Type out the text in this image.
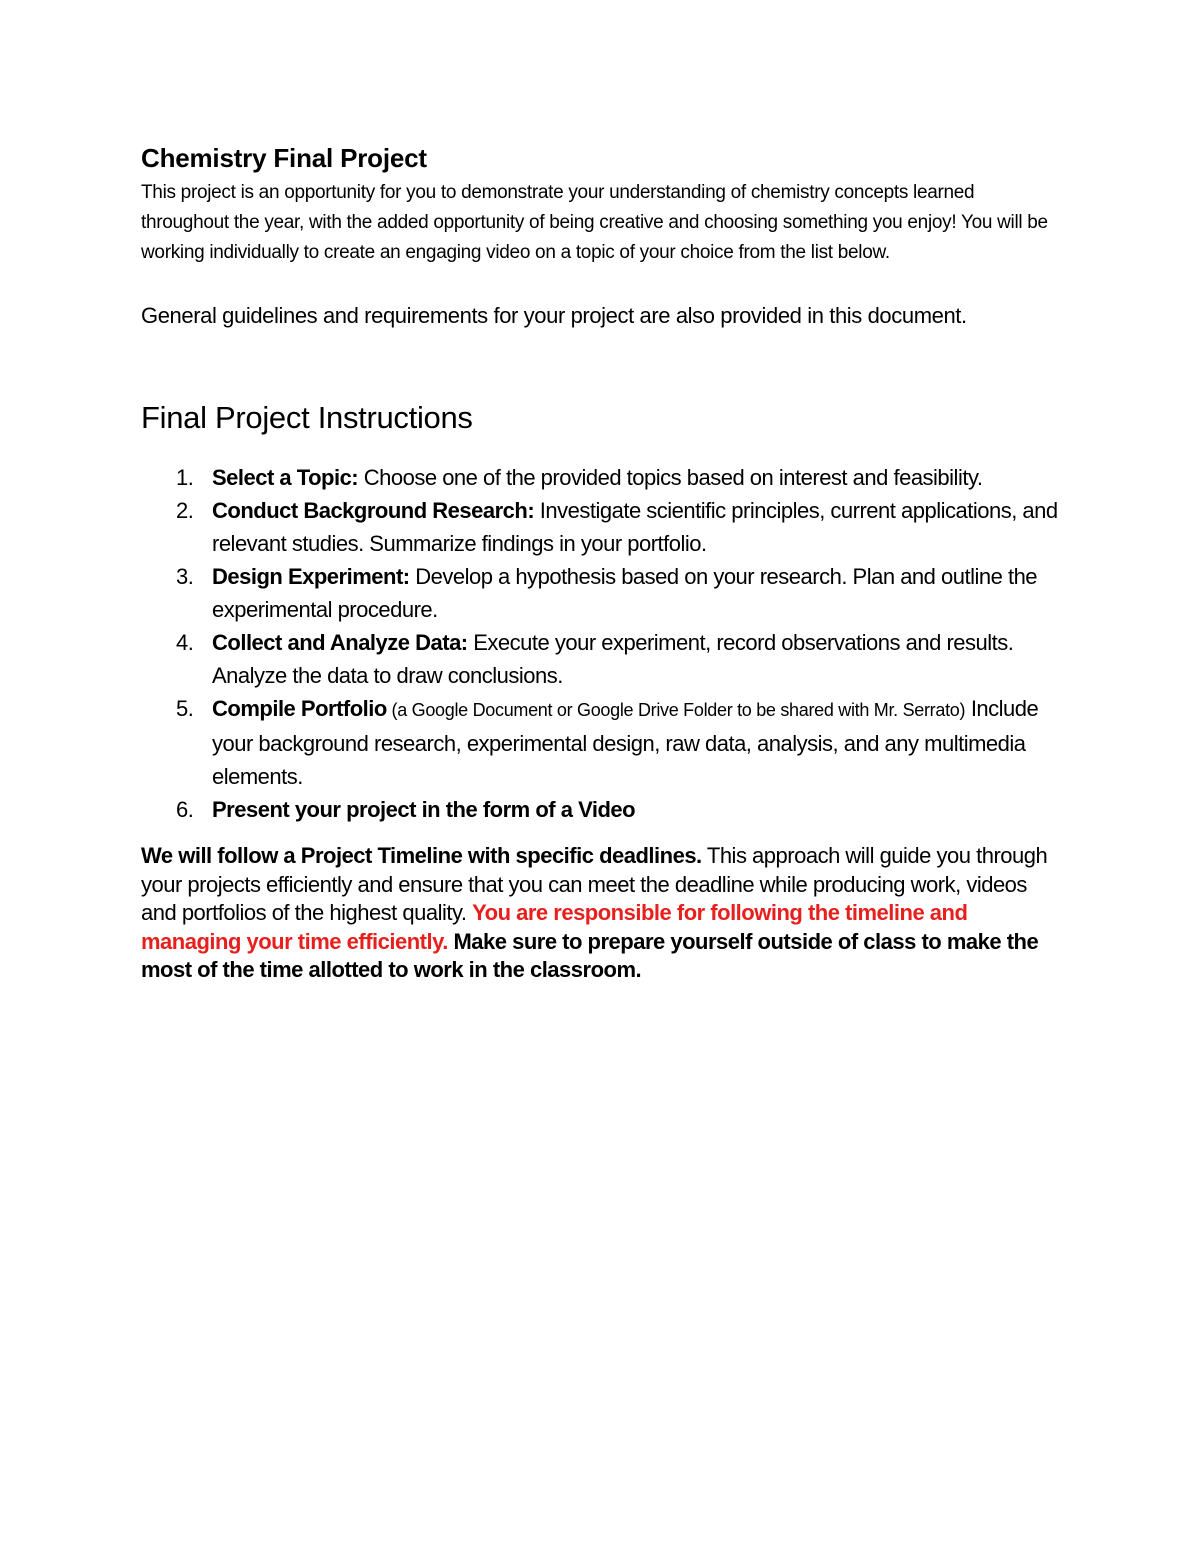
Chemistry Final Project

This project is an opportunity for you to demonstrate your understanding of chemistry concepts learned throughout the year, with the added opportunity of being creative and choosing something you enjoy! You will be working individually to create an engaging video on a topic of your choice from the list below.

General guidelines and requirements for your project are also provided in this document.

Final Project Instructions
1. Select a Topic: Choose one of the provided topics based on interest and feasibility.
2. Conduct Background Research: Investigate scientific principles, current applications, and relevant studies. Summarize findings in your portfolio.
3. Design Experiment: Develop a hypothesis based on your research. Plan and outline the experimental procedure.
4. Collect and Analyze Data: Execute your experiment, record observations and results. Analyze the data to draw conclusions.
5. Compile Portfolio (a Google Document or Google Drive Folder to be shared with Mr. Serrato) Include your background research, experimental design, raw data, analysis, and any multimedia elements.
6. Present your project in the form of a Video

We will follow a Project Timeline with specific deadlines. This approach will guide you through your projects efficiently and ensure that you can meet the deadline while producing work, videos and portfolios of the highest quality. You are responsible for following the timeline and managing your time efficiently. Make sure to prepare yourself outside of class to make the most of the time allotted to work in the classroom.
